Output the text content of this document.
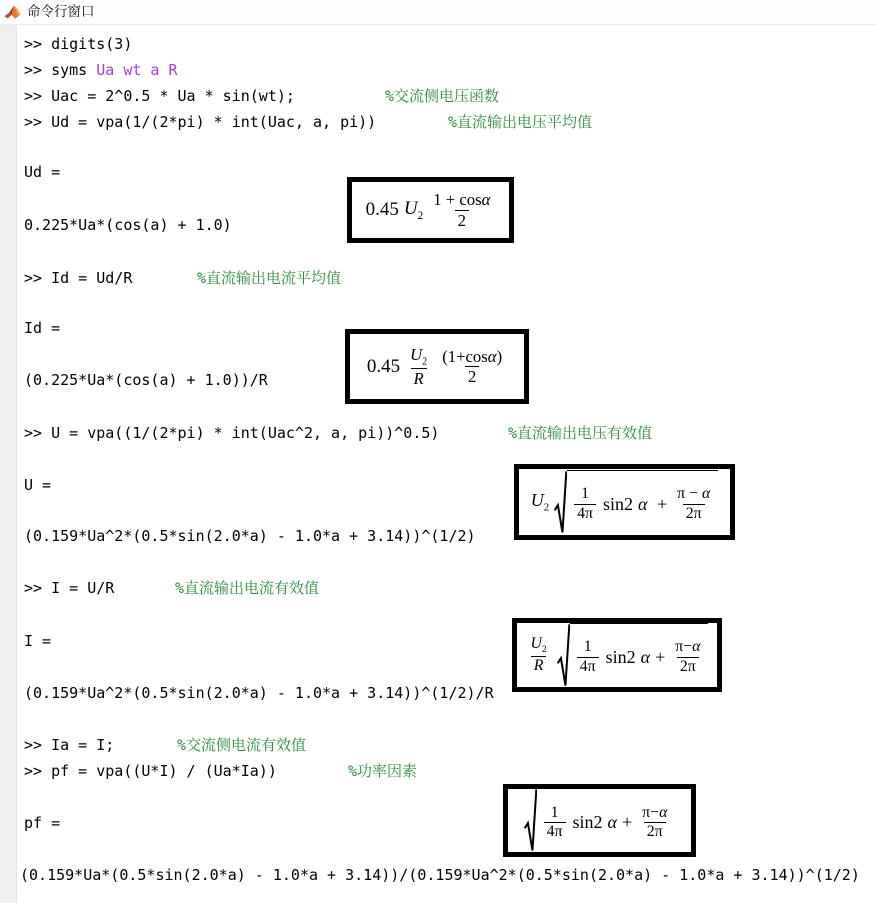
命令行窗口
>> digits(3)
>> syms Ua wt a R
>> Uac = 2^0.5 * Ua * sin(wt);	%交流侧电压函数
>> Ud = vpa(1/(2*pi) * int(Uac, a, pi))	%直流输出电压平均值
Ud =
0.225*Ua*(cos(a) + 1.0)
>> Id = Ud/R	%直流输出电流平均值
Id =
(0.225*Ua*(cos(a) + 1.0))/R
>> U = vpa((1/(2*pi) * int(Uac^2, a, pi))^0.5)	%直流输出电压有效值
U =
(0.159*Ua^2*(0.5*sin(2.0*a) - 1.0*a + 3.14))^(1/2)
>> I = U/R	%直流输出电流有效值
I =
(0.159*Ua^2*(0.5*sin(2.0*a) - 1.0*a + 3.14))^(1/2)/R
>> Ia = I;	%交流侧电流有效值
>> pf = vpa((U*I) / (Ua*Ia))	%功率因素
pf =
(0.159*Ua*(0.5*sin(2.0*a) - 1.0*a + 3.14))/(0.159*Ua^2*(0.5*sin(2.0*a) - 1.0*a + 3.14))^(1/2)
0.45 $U_2 \frac{\text{1 + cos α}}{2}$
$0.45 \frac{U_2}{R} \frac{\text{(1+cos α )}}{2}$
$U_2 \frac{1}{4\pi} \sin 2$ $\alpha + \frac{\pi - \alpha}{2\pi}$
$\frac{U_2}{R} \frac{1}{4\pi} \sin 2$ $\alpha + \frac{\pi- \alpha}{2\pi}$
$\frac{1}{4\pi} \sin 2$ $\alpha + \frac{\pi- \alpha}{2\pi}$
